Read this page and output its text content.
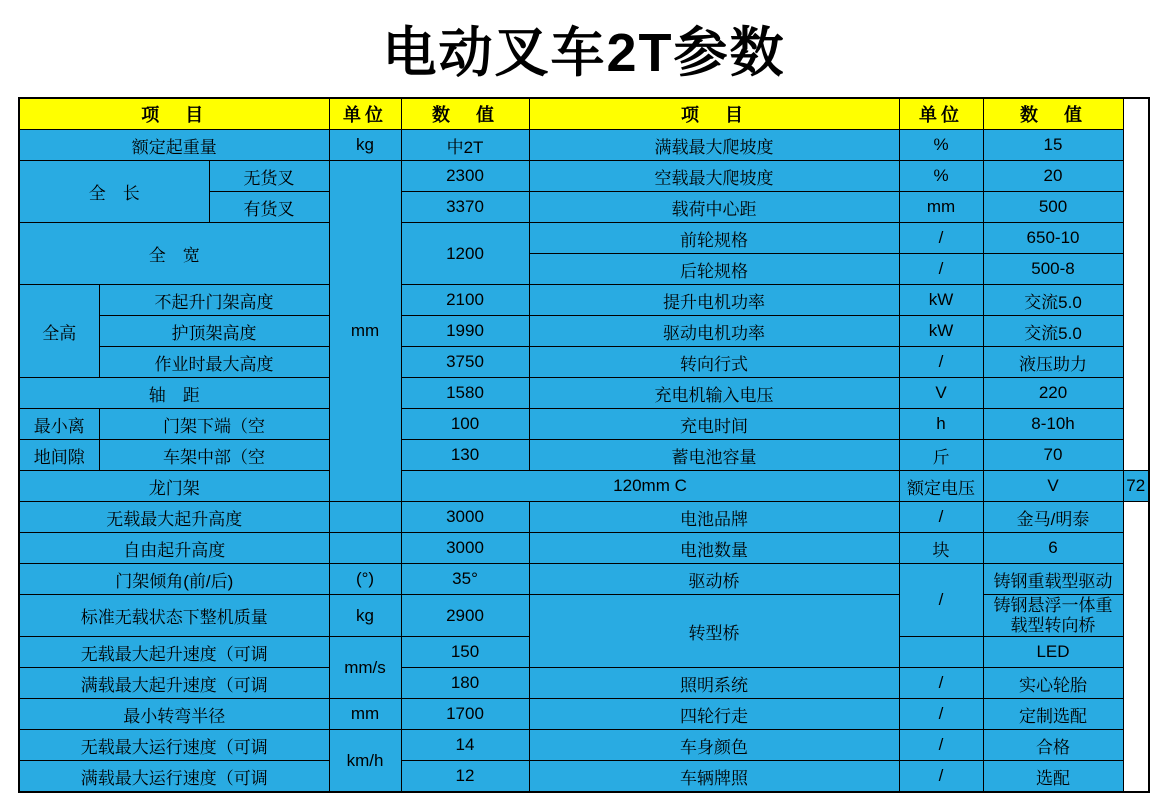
电动叉车2T参数
项　目			单位	数　值	项　目	单位	数　值	
额定起重量			kg	中2T	满载最大爬坡度	%	15	
全　长		无货叉	mm	2300	空载最大爬坡度	%	20	
		有货叉		3370	载荷中心距	mm	500	
全　宽				1200	前轮规格	/	650-10	
					后轮规格	/	500-8	
全高	不起升门架高度			2100	提升电机功率	kW	交流5.0	
	护顶架高度			1990	驱动电机功率	kW	交流5.0	
	作业时最大高度			3750	转向行式	/	液压助力	
轴　距				1580	充电机输入电压	V	220	
最小离	门架下端（空			100	充电时间	h	8-10h	
地间隙	车架中部（空			130	蓄电池容量	斤	70	
龙门架				120mm C		额定电压	V	72
无载最大起升高度				3000	电池品牌	/	金马/明泰	
自由起升高度				3000	电池数量	块	6	
门架倾角(前/后)			(°)	35°	驱动桥	/	铸钢重载型驱动	
标准无载状态下整机质量			kg	2900	转型桥		铸钢悬浮一体重载型转向桥	
无载最大起升速度（可调			mm/s	150			LED	
满载最大起升速度（可调				180	照明系统	/	实心轮胎	
最小转弯半径			mm	1700	四轮行走	/	定制选配	
无载最大运行速度（可调			km/h	14	车身颜色	/	合格	
满载最大运行速度（可调				12	车辆牌照	/	选配	
